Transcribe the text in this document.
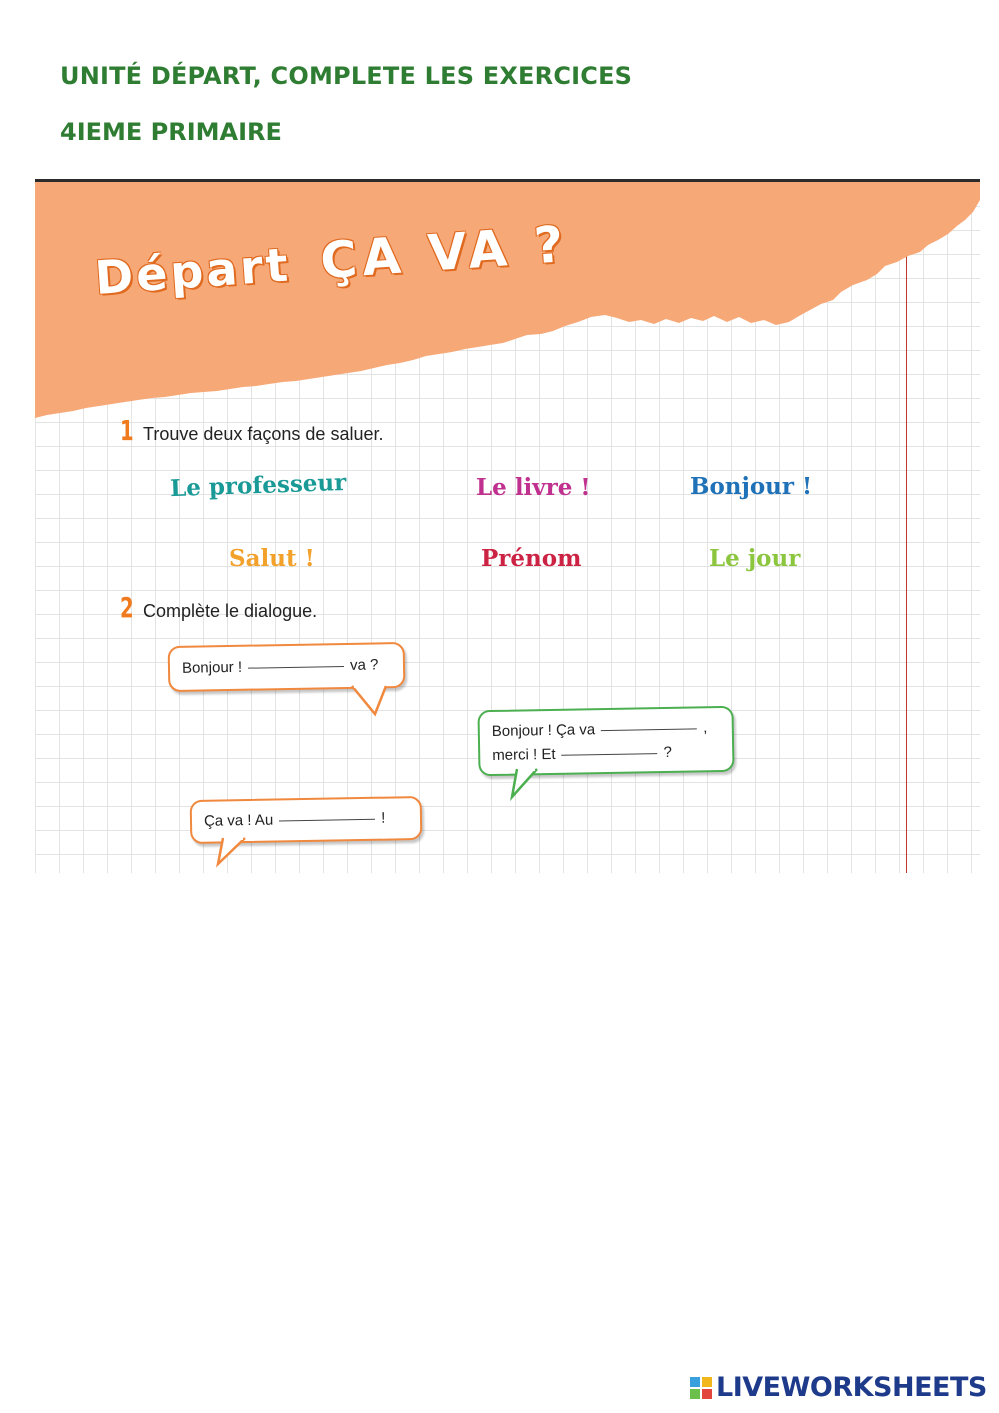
UNITÉ DÉPART, COMPLETE LES EXERCICES
4IEME PRIMAIRE
Départ ÇA VA ?
1 Trouve deux façons de saluer.
Le professeur	Le livre !	Bonjour !
Salut !	Prénom	Le jour
2 Complète le dialogue.
Bonjour !	va ?
Bonjour ! Ça va	,
merci ! Et	?
Ça va ! Au	!
LIVEWORKSHEETS
